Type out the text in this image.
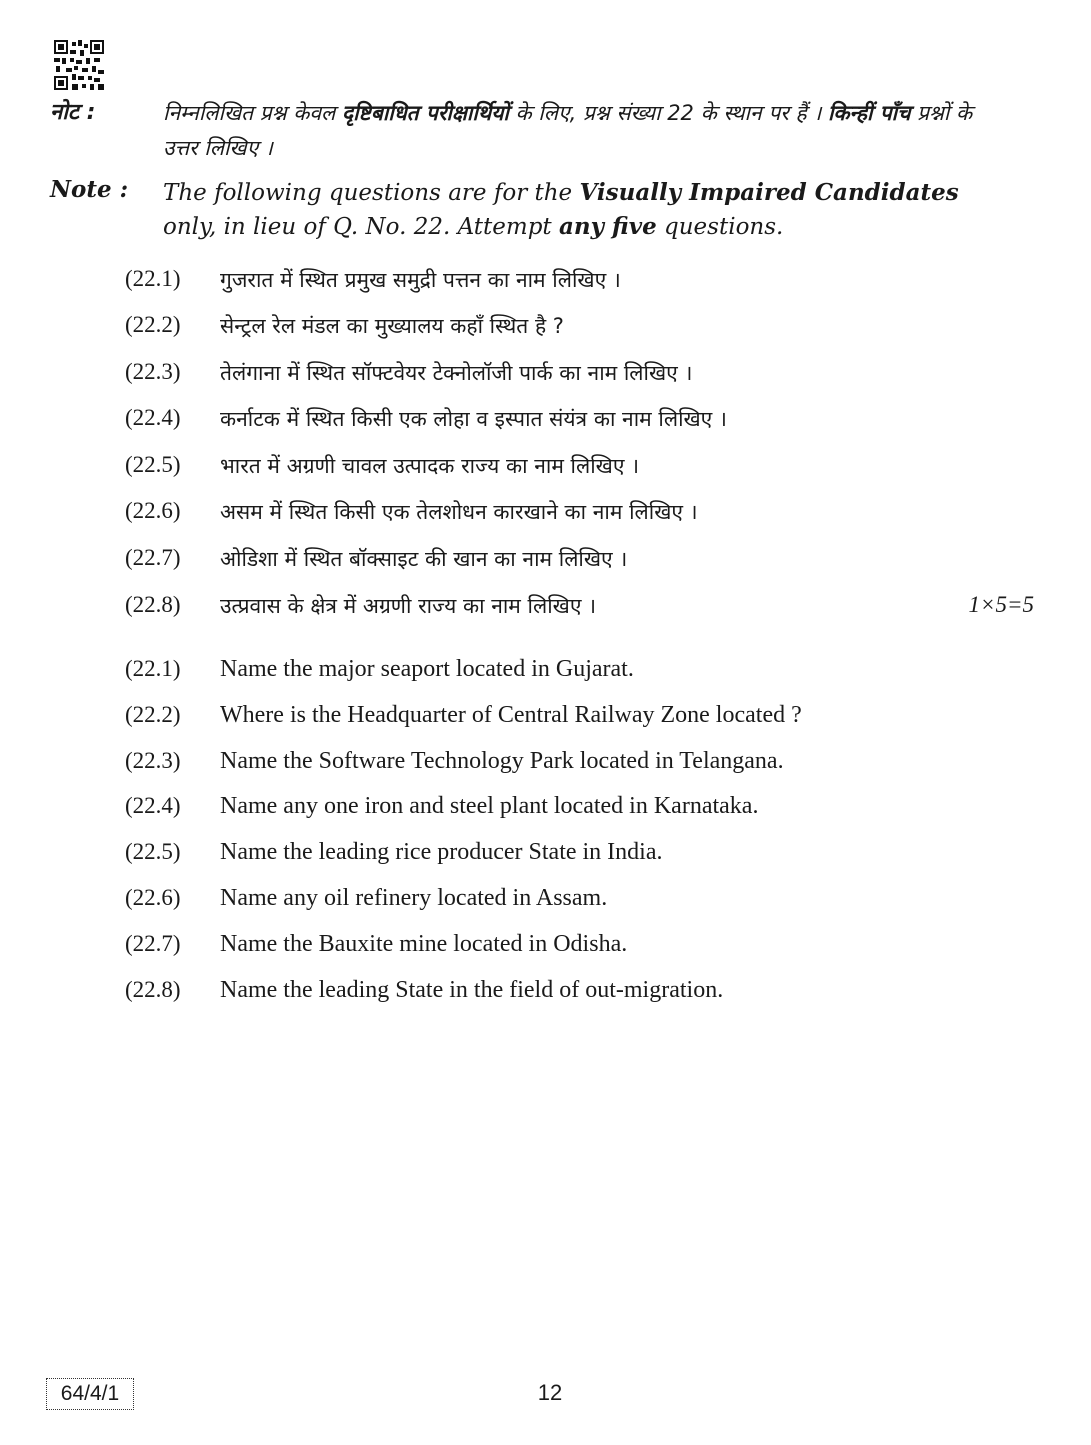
नोट :	निम्नलिखित प्रश्न केवल दृष्टिबाधित परीक्षार्थियों के लिए, प्रश्न संख्या 22 के स्थान पर हैं । किन्हीं पाँच प्रश्नों के उत्तर लिखिए ।
Note : The following questions are for the Visually Impaired Candidates only, in lieu of Q. No. 22. Attempt any five questions.
(22.1) गुजरात में स्थित प्रमुख समुद्री पत्तन का नाम लिखिए ।
(22.2) सेन्ट्रल रेल मंडल का मुख्यालय कहाँ स्थित है ?
(22.3) तेलंगाना में स्थित सॉफ्टवेयर टेक्नोलॉजी पार्क का नाम लिखिए ।
(22.4) कर्नाटक में स्थित किसी एक लोहा व इस्पात संयंत्र का नाम लिखिए ।
(22.5) भारत में अग्रणी चावल उत्पादक राज्य का नाम लिखिए ।
(22.6) असम में स्थित किसी एक तेलशोधन कारखाने का नाम लिखिए ।
(22.7) ओडिशा में स्थित बॉक्साइट की खान का नाम लिखिए ।
(22.8) उत्प्रवास के क्षेत्र में अग्रणी राज्य का नाम लिखिए ।	1×5=5
(22.1) Name the major seaport located in Gujarat.
(22.2) Where is the Headquarter of Central Railway Zone located ?
(22.3) Name the Software Technology Park located in Telangana.
(22.4) Name any one iron and steel plant located in Karnataka.
(22.5) Name the leading rice producer State in India.
(22.6) Name any oil refinery located in Assam.
(22.7) Name the Bauxite mine located in Odisha.
(22.8) Name the leading State in the field of out-migration.
64/4/1	12
